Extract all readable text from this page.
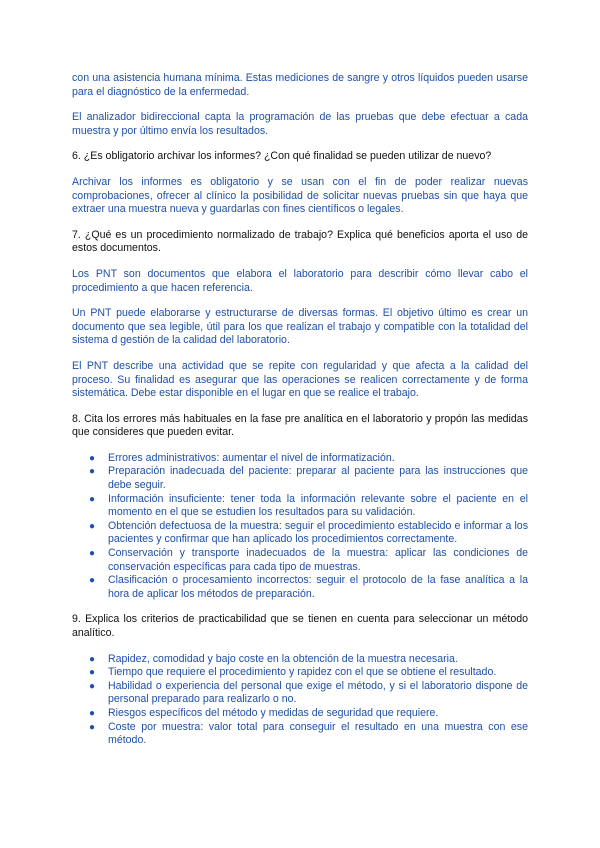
con una asistencia humana mínima. Estas mediciones de sangre y otros líquidos pueden usarse para el diagnóstico de la enfermedad.

El analizador bidireccional capta la programación de las pruebas que debe efectuar a cada muestra y por último envía los resultados.

6. ¿Es obligatorio archivar los informes? ¿Con qué finalidad se pueden utilizar de nuevo?

Archivar los informes es obligatorio y se usan con el fin de poder realizar nuevas comprobaciones, ofrecer al clínico la posibilidad de solicitar nuevas pruebas sin que haya que extraer una muestra nueva y guardarlas con fines científicos o legales.

7. ¿Qué es un procedimiento normalizado de trabajo? Explica qué beneficios aporta el uso de estos documentos.

Los PNT son documentos que elabora el laboratorio para describir cómo llevar cabo el procedimiento a que hacen referencia.

Un PNT puede elaborarse y estructurarse de diversas formas. El objetivo último es crear un documento que sea legible, útil para los que realizan el trabajo y compatible con la totalidad del sistema d gestión de la calidad del laboratorio.

El PNT describe una actividad que se repite con regularidad y que afecta a la calidad del proceso. Su finalidad es asegurar que las operaciones se realicen correctamente y de forma sistemática. Debe estar disponible en el lugar en que se realice el trabajo.

8. Cita los errores más habituales en la fase pre analítica en el laboratorio y propón las medidas que consideres que pueden evitar.

● Errores administrativos: aumentar el nivel de informatización.
● Preparación inadecuada del paciente: preparar al paciente para las instrucciones que debe seguir.
● Información insuficiente: tener toda la información relevante sobre el paciente en el momento en el que se estudien los resultados para su validación.
● Obtención defectuosa de la muestra: seguir el procedimiento establecido e informar a los pacientes y confirmar que han aplicado los procedimientos correctamente.
● Conservación y transporte inadecuados de la muestra: aplicar las condiciones de conservación específicas para cada tipo de muestras.
● Clasificación o procesamiento incorrectos: seguir el protocolo de la fase analítica a la hora de aplicar los métodos de preparación.

9. Explica los criterios de practicabilidad que se tienen en cuenta para seleccionar un método analítico.

● Rapidez, comodidad y bajo coste en la obtención de la muestra necesaria.
● Tiempo que requiere el procedimiento y rapidez con el que se obtiene el resultado.
● Habilidad o experiencia del personal que exige el método, y si el laboratorio dispone de personal preparado para realizarlo o no.
● Riesgos específicos del método y medidas de seguridad que requiere.
● Coste por muestra: valor total para conseguir el resultado en una muestra con ese método.
